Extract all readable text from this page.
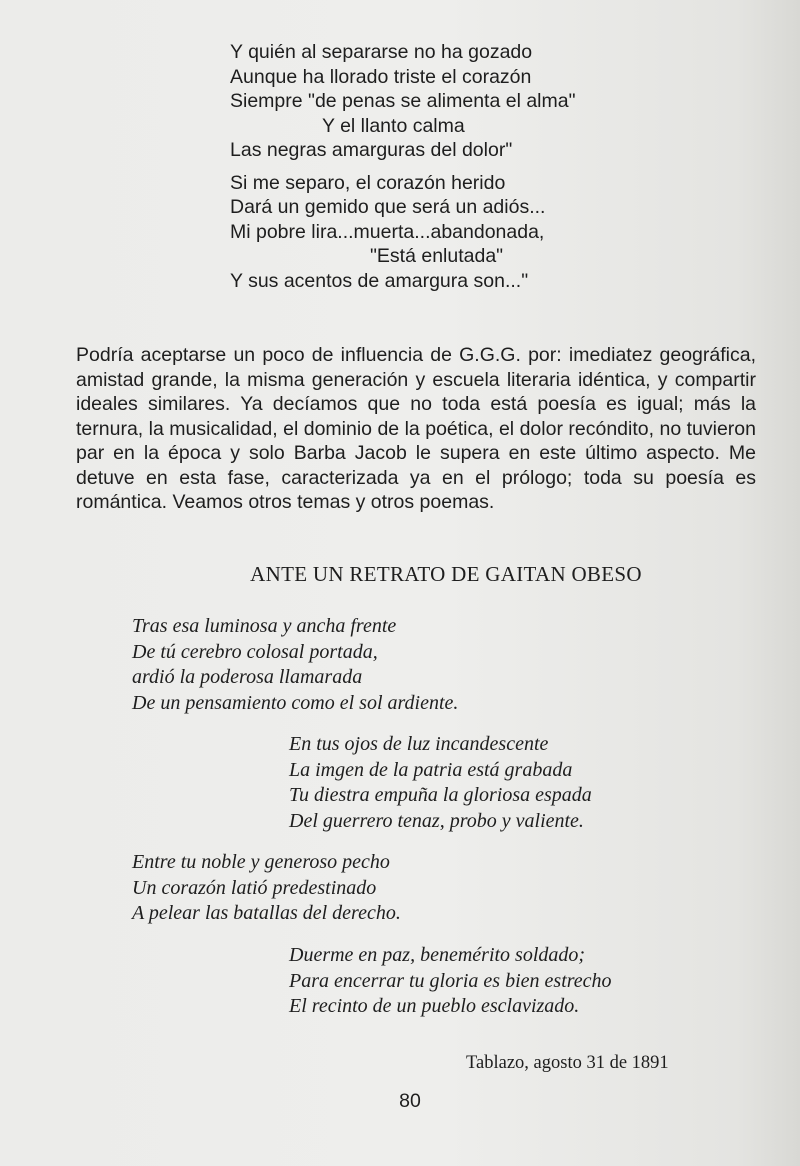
Y quién al separarse no ha gozado
Aunque ha llorado triste el corazón
Siempre "de penas se alimenta el alma"
Y el llanto calma
Las negras amarguras del dolor"
Si me separo, el corazón herido
Dará un gemido que será un adiós...
Mi pobre lira...muerta...abandonada,
"Está enlutada"
Y sus acentos de amargura son..."
Podría aceptarse un poco de influencia de G.G.G. por: imediatez geográfica,
amistad grande, la misma generación y escuela literaria idéntica, y compartir
ideales similares. Ya decíamos que no toda está poesía es igual; más la
ternura, la musicalidad, el dominio de la poética, el dolor recóndito, no tuvieron
par en la época y solo Barba Jacob le supera en este último aspecto. Me
detuve en esta fase, caracterizada ya en el prólogo; toda su poesía es
romántica. Veamos otros temas y otros poemas.
ANTE UN RETRATO DE GAITAN OBESO
Tras esa luminosa y ancha frente
De tú cerebro colosal portada,
ardió la poderosa llamarada
De un pensamiento como el sol ardiente.
En tus ojos de luz incandescente
La imgen de la patria está grabada
Tu diestra empuña la gloriosa espada
Del guerrero tenaz, probo y valiente.
Entre tu noble y generoso pecho
Un corazón latió predestinado
A pelear las batallas del derecho.
Duerme en paz, benemérito soldado;
Para encerrar tu gloria es bien estrecho
El recinto de un pueblo esclavizado.
Tablazo, agosto 31 de 1891
80
